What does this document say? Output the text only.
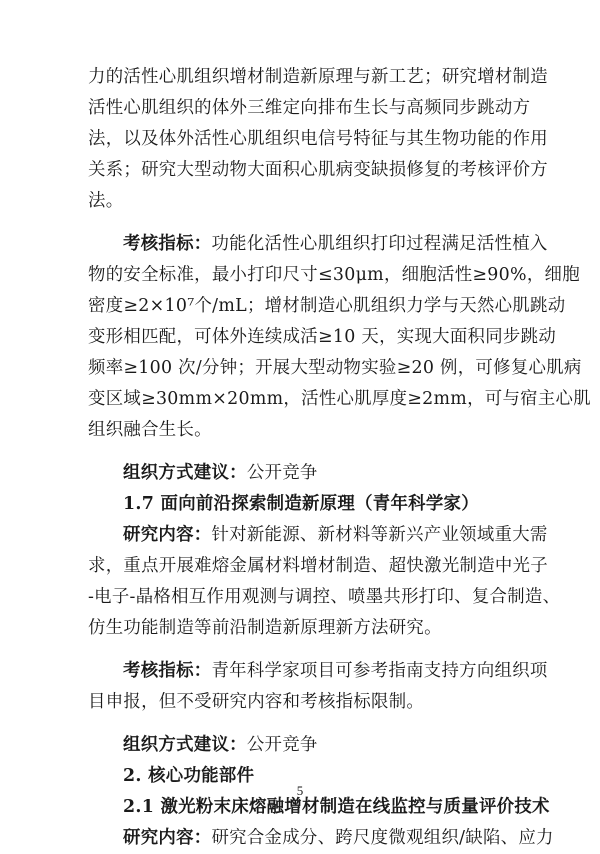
力的活性心肌组织增材制造新原理与新工艺；研究增材制造
活性心肌组织的体外三维定向排布生长与高频同步跳动方
法，以及体外活性心肌组织电信号特征与其生物功能的作用
关系；研究大型动物大面积心肌病变缺损修复的考核评价方
法。
考核指标：功能化活性心肌组织打印过程满足活性植入
物的安全标准，最小打印尺寸≤30μm，细胞活性≥90%，细胞
密度≥2×10⁷个/mL；增材制造心肌组织力学与天然心肌跳动
变形相匹配，可体外连续成活≥10 天，实现大面积同步跳动
频率≥100 次/分钟；开展大型动物实验≥20 例，可修复心肌病
变区域≥30mm×20mm，活性心肌厚度≥2mm，可与宿主心肌
组织融合生长。
组织方式建议：公开竞争
1.7 面向前沿探索制造新原理（青年科学家）
研究内容：针对新能源、新材料等新兴产业领域重大需
求，重点开展难熔金属材料增材制造、超快激光制造中光子
-电子-晶格相互作用观测与调控、喷墨共形打印、复合制造、
仿生功能制造等前沿制造新原理新方法研究。
考核指标：青年科学家项目可参考指南支持方向组织项
目申报，但不受研究内容和考核指标限制。
组织方式建议：公开竞争
2. 核心功能部件
2.1 激光粉末床熔融增材制造在线监控与质量评价技术
研究内容：研究合金成分、跨尺度微观组织/缺陷、应力
5
